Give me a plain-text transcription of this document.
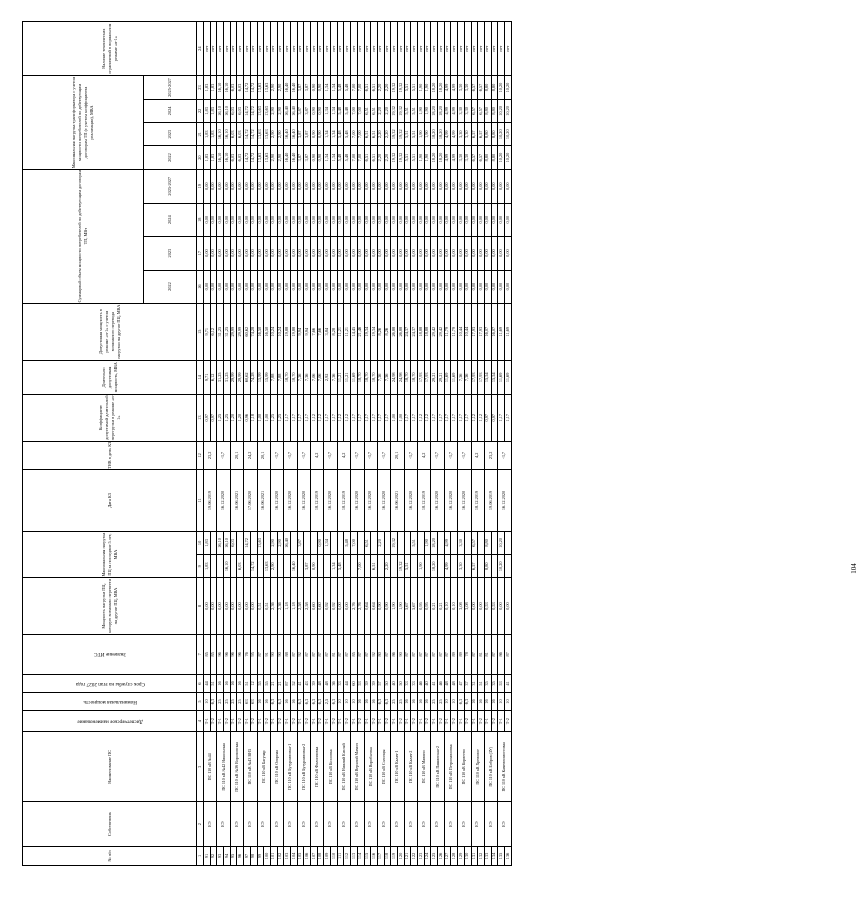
№ п/п	Собственник	Наименование ПС	Диспетчерское наименование	Номинальная мощность	Срок службы на этап 2027 года	Значение ИТС	Мощность нагрузки ПЦ, которую возможно перевести на другие ПЦ, МВА	Максимальная нагрузка ПЦ за последние 5 лет, МВА		Дата КЗ	ТНВ в день КЗ	Коэффициент допустимой длительной перегрузки в режиме «n-1»	Длительно допустимая мощность, МВА	Допустимая мощность в режиме «n-1» с учетом возможного перевода нагрузки на другие ПЦ, МВА	Суммарный объем мощности потребителей по действующим договорам ТП, МВт				Максимальная нагрузка трансформатора с учетом мощности потребителей по действующим договорам ТП (с учетом коэффициента реализации), МВА				Наличие технических ограничений в нормальном режиме «n-1»
															2022	2023	2024	2025-2027	2022	2023	2024	2025-2027	
1	2	3	4	5	6	7	8	9	10	11	12	13	14	15	16	17	18	19	20	21	22	23	24
91	ЕЭ	ПС 110 кВ №44	Т-1	10	44	85	0,00	1,83	1,83	19.06.2019	23,2	0,97	9,71	9,71	0,00	0,00	0,00	0,00	1,83	1,83	1,83	1,83	нет
92			Т-2	6,3	51	85	0,00					0,97	6,12	6,12	0,00	0,00	0,00	0,00	1,83	1,83	1,83	1,83	нет
93	ЕЭ	ПС 110 кВ №42 Никольская	Т-1	25	16	96	0,00		16,10	16.12.2020	-3,7	1,25	31,25	31,25	0,00	0,00	0,00	0,00	16,10	16,10	16,10	16,10	нет
94			Т-2	25	16	96	0,00	16,10	16,10			1,25	31,25	31,25	0,00	0,00	0,00	0,00	16,10	16,10	16,10	16,10	нет
95	ЕЭ	ПС 110 кВ №36 Вороновская	Т-1	25	16	96	0,00		6,03	16.06.2021	20,1	1,20	29,99	29,99	0,00	0,00	0,00	0,00	6,03	6,03	6,03	6,03	нет
96			Т-2	25	16	96	0,00	6,03				1,20	29,99	29,99	0,00	0,00	0,00	0,00	6,03	6,03	6,03	6,03	нет
97	ЕЭ	ПС 110 кВ №43 ВНЗ	Т-1	63	51	76	0,00		14,72	17.06.2020	24,2	0,96	60,62	60,62	0,00	0,00	0,00	0,00	14,72	14,72	14,72	14,72	нет
98			Т-2	63	12	95	0,00	14,72				1,18	74,28	74,28	0,00	0,00	0,00	0,00	14,72	14,72	14,72	14,72	нет
99	ЕЭ	ПС 110 кВ Багучар	Т-1	16	55	87	0,51		13,63	16.06.2021	20,1	1,00	15,99	16,50	0,00	0,00	0,00	0,00	13,63	13,63	13,63	13,63	нет
100			Т-2	16	55	91	0,51	13,63				1,00	15,99	16,50	0,00	0,00	0,00	0,00	13,63	13,63	13,63	13,63	нет
101	ЕЭ	ПС 110 кВ Опорная	Т-1	6,3	21	90	2,36	2,90	2,90	16.12.2020	-3,7	1,25	7,88	10,24	0,00	0,00	0,00	0,00	2,90	2,90	2,90	2,90	нет
102			Т-2	6,3	21	90	2,36		2,90			1,25	7,88	10,24	0,00	0,00	0,00	0,00	2,90	2,90	2,90	2,90	нет
103	ЕЭ	ПС 110 кВ Бутурлиновка-1	Т-1	16	87	88	1,18		16,40	16.12.2020	-3,7	1,17	18,70	19,88	0,00	0,00	0,00	0,00	16,40	16,40	16,40	16,40	нет
104			Т-2	16	52	87	1,18	16,40				1,17	18,70	19,88	0,00	0,00	0,00	0,00	16,40	16,40	16,40	16,40	нет
105	ЕЭ	ПС 110 кВ Бутурлиновка-2	Т-1	6,3	41	92	2,58		3,87	16.12.2020	-3,7	1,17	7,36	9,94	0,00	0,00	0,00	0,00	3,87	3,87	3,87	3,87	нет
106			Т-2	6,3	43	87	2,58	3,87				1,17	7,36	9,94	0,00	0,00	0,00	0,00	3,87	3,87	3,87	3,87	нет
107	ЕЭ	ПС 110 кВ Филипповка	Т-1	6,3	39	87	0,60	0,90		18.12.2019	4,2	1,12	7,06	7,66	0,00	0,00	0,00	0,00	0,90	0,90	0,90	0,90	нет
108			Т-2	6,3	48	87	0,60		0,90			1,12	7,06	7,66	0,00	0,00	0,00	0,00	0,90	0,90	0,90	0,90	нет
109	ЕЭ	ПС 110 кВ Козловка	Т-1	2,5	48	87	0,92		1,34	16.12.2020	-3,7	1,17	2,92	3,84	0,00	0,00	0,00	0,00	1,34	1,34	1,34	1,34	нет
110			Т-2	6,3	36	81	0,92	1,34				1,17	7,36	8,28	0,00	0,00	0,00	0,00	1,34	1,34	1,34	1,34	нет
111	ЕЭ	ПС 110 кВ Нижний Кисляй	Т-1	10	33	87	0,00	5,48		18.12.2019	4,2	1,12	11,21	11,21	0,00	0,00	0,00	0,00	5,48	5,48	5,48	5,48	нет
112			Т-2	10	44	87	0,00		5,48			1,12	11,21	11,21	0,00	0,00	0,00	0,00	5,48	5,48	5,48	5,48	нет
113	ЕЭ	ПС 110 кВ Верхний Мамон	Т-1	10	60	85	2,76		7,00	16.12.2020	-3,7	1,17	11,69	14,45	0,00	0,00	0,00	0,00	7,00	7,00	7,00	7,00	нет
114			Т-2	16	53	87	2,76	7,00				1,17	18,70	21,46	0,00	0,00	0,00	0,00	7,00	7,00	7,00	7,00	нет
115	ЕЭ	ПС 110 кВ Воробьевка	Т-1	16	39	87	0,64		6,51	16.12.2020	-3,7	1,17	18,70	19,34	0,00	0,00	0,00	0,00	6,51	6,51	6,51	6,51	нет
116			Т-2	16	39	92	0,64	6,51				1,17	18,70	19,34	0,00	0,00	0,00	0,00	6,51	6,51	6,51	6,51	нет
117	ЕЭ	ПС 110 кВ Солонцы	Т-1	6,3	57	80	0,90		2,20	16.12.2020	-3,7	1,17	7,36	8,26	0,00	0,00	0,00	0,00	2,20	2,20	2,20	2,20	нет
118			Т-2	6,3	50	87	0,90	2,20				1,17	7,36	8,26	0,00	0,00	0,00	0,00	2,20	2,20	2,20	2,20	нет
119	ЕЭ	ПС 110 кВ Калач-1	Т-1	25	40	86	1,90		19,32	16.06.2021	20,1	1,00	24,98	26,88	0,00	0,00	0,00	0,00	19,32	19,32	19,32	19,32	нет
120			Т-2	25	50	90	1,90	19,32				1,00	24,98	26,88	0,00	0,00	0,00	0,00	19,32	19,32	19,32	19,32	нет
121	ЕЭ	ПС 110 кВ Калач-2	Т-1	16	33	87	5,67	5,51		16.12.2020	-3,7	1,17	18,70	24,37	0,00	0,00	0,00	0,00	5,51	5,51	5,51	5,51	нет
122			Т-2	16	33	87	5,67		5,51			1,17	18,70	24,37	0,00	0,00	0,00	0,00	5,51	5,51	5,51	5,51	нет
123	ЕЭ	ПС 110 кВ Манино	Т-1	16	46	87	0,95	1,90		18.12.2019	4,2	1,12	17,93	18,88	0,00	0,00	0,00	0,00	1,90	1,90	1,90	1,90	нет
124			Т-2	16	40	87	0,95		1,90			1,12	17,93	18,88	0,00	0,00	0,00	0,00	1,90	1,90	1,90	1,90	нет
125	ЕЭ	ПС 110 кВ Пашинская-2	Т-1	25	41	87	0,21	18,20	18,20	16.12.2020	-3,7	1,17	29,21	29,42	0,00	0,00	0,00	0,00	18,20	18,20	18,20	18,20	нет
126			Т-2	25	46	87	0,21					1,17	29,21	29,42	0,00	0,00	0,00	0,00	18,20	18,20	18,20	18,20	нет
127	ЕЭ	ПС 110 кВ Петропавловка	Т-1	10	48	87	0,10	4,99	4,99	16.12.2020	-3,7	1,17	11,69	11,79	0,00	0,00	0,00	0,00	4,99	4,99	4,99	4,99	нет
128			Т-2	10	48	89	0,10					1,17	11,69	11,79	0,00	0,00	0,00	0,00	4,99	4,99	4,99	4,99	нет
129	ЕЭ	ПС 110 кВ Корнеево	Т-1	6,3	47	89	3,08	3,30	3,30	16.12.2020	-3,7	1,17	7,36	10,44	0,00	0,00	0,00	0,00	3,30	3,30	3,30	3,30	нет
130			Т-2	6,3	37	78	3,08					1,17	7,36	10,44	0,00	0,00	0,00	0,00	3,30	3,30	3,30	3,30	нет
131	ЕЭ	ПС 110 кВ Хреновое	Т-1	16	31	87	0,00	6,57	6,57	18.12.2019	4,2	1,12	17,93	17,93	0,00	0,00	0,00	0,00	6,57	6,57	6,57	6,57	нет
132			Т-2	16	51	81	0,00					1,12	17,93	17,93	0,00	0,00	0,00	0,00	6,57	6,57	6,57	6,57	нет
133	ЕЭ	ПС 110 кВ Бобров (ЗУ)	Т-1	16	35	81	0,53	8,80	8,80	19.06.2019	23,2	0,97	15,54	16,07	0,00	0,00	0,00	0,00	8,80	8,80	8,80	8,80	нет
134			Т-2	16	35	87	0,53					0,97	15,54	16,07	0,00	0,00	0,00	0,00	8,80	8,80	8,80	8,80	нет
135	ЕЭ	ПС 110 кВ Каменномостовая	Т-1	10	53	86	0,00	10,20	10,20	16.12.2020	-3,7	1,17	11,69	11,69	0,00	0,00	0,00	0,00	10,20	10,20	10,20	10,20	нет
136			Т-2	10	41	87	0,00					1,17	11,69	11,69	0,00	0,00	0,00	0,00	10,20	10,20	10,20	10,20	нет
104
